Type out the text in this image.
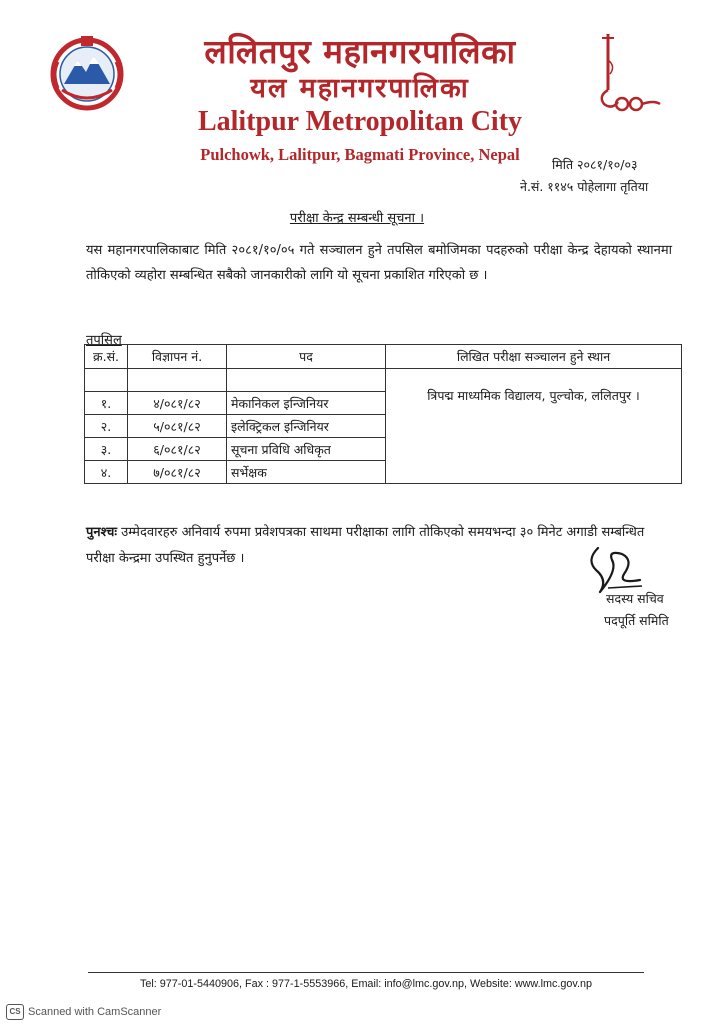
ललितपुर महानगरपालिका
यल महानगरपालिका
Lalitpur Metropolitan City
Pulchowk, Lalitpur, Bagmati Province, Nepal
मिति २०८१/१०/०३
ने.सं. ११४५ पोहेलागा तृतिया
परीक्षा केन्द्र सम्बन्धी सूचना ।
यस महानगरपालिकाबाट मिति २०८१/१०/०५ गते सञ्चालन हुने तपसिल बमोजिमका पदहरुको परीक्षा केन्द्र देहायको स्थानमा तोकिएको व्यहोरा सम्बन्धित सबैको जानकारीको लागि यो सूचना प्रकाशित गरिएको छ ।
तपसिल
क्र.सं.	विज्ञापन नं.	पद	लिखित परीक्षा सञ्चालन हुने स्थान
			त्रिपद्म माध्यमिक विद्यालय, पुल्चोक, ललितपुर ।
१.	४/०८१/८२	मेकानिकल इन्जिनियर	
२.	५/०८१/८२	इलेक्ट्रिकल इन्जिनियर	
३.	६/०८१/८२	सूचना प्रविधि अधिकृत	
४.	७/०८१/८२	सर्भेक्षक	
पुनश्चः उम्मेदवारहरु अनिवार्य रुपमा प्रवेशपत्रका साथमा परीक्षाका लागि तोकिएको समयभन्दा ३० मिनेट अगाडी सम्बन्धित परीक्षा केन्द्रमा उपस्थित हुनुपर्नेछ ।
सदस्य सचिव
पदपूर्ति समिति
Tel: 977-01-5440906, Fax : 977-1-5553966, Email: info@lmc.gov.np, Website: www.lmc.gov.np
CS Scanned with CamScanner
